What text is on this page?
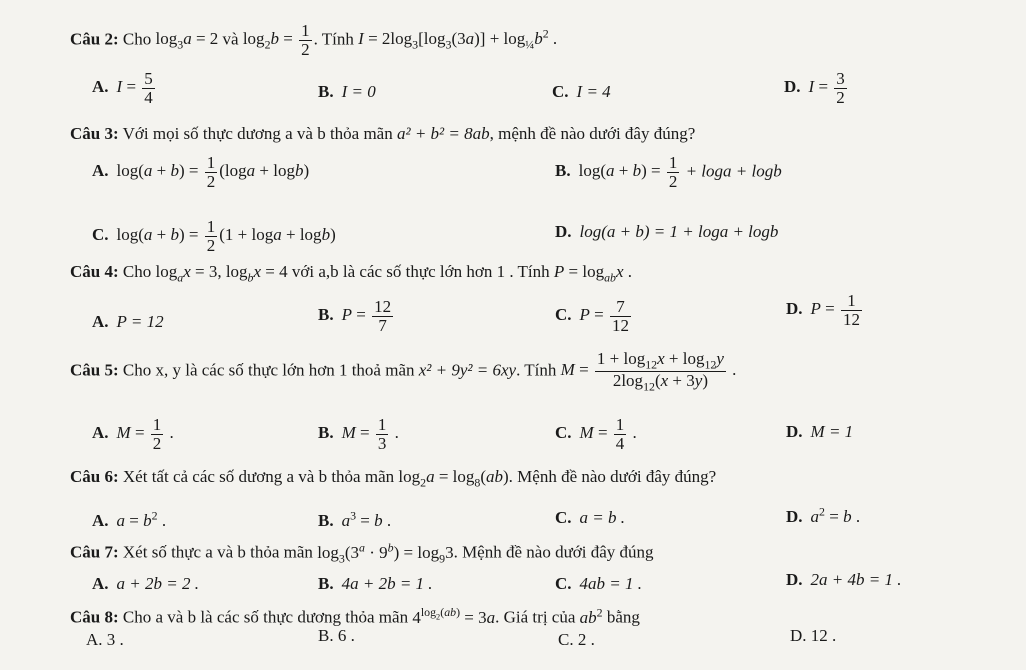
Câu 2: Cho $\log_3a = 2$ và $\log_2b = \frac{1}{2}$ . Tính $I = 2\log_3[\log_3(3a)] + \log_{\frac{1}{4}}b^2$ .
A. $I = \frac{5}{4}$	B. I = 0	C. I = 4	D. $I = \frac{3}{2}$
Câu 3: Với mọi số thực dương a và b thỏa mãn a² + b² = 8ab, mệnh đề nào dưới đây đúng?
A. $\log(a + b) = \frac{1}{2} (\log a + \log b)$	B. $\log(a + b) = \frac{1}{2} + \log a + \log b$
C. $\log(a + b) = \frac{1}{2} (1 + \log a + \log b)$	D. log(a + b) = 1 + loga + logb
Câu 4: Cho $\log_ax = 3$, $\log_bx = 4$ với a,b là các số thực lớn hơn 1 . Tính $P = \log_{ab}x$ .
A. P = 12	B. $P = \frac{12}{7}$	C. $P = \frac{7}{12}$	D. $P = \frac{1}{12}$
Câu 5: Cho x, y là các số thực lớn hơn 1 thoả mãn x² + 9y² = 6xy. Tính $M = \frac{1 + \log_{12}x + \log_{12}y}{2\log_{12}(x + 3y)}$ .
A. $M = \frac{1}{2}$ .	B. $M = \frac{1}{3}$ .	C. $M = \frac{1}{4}$ .	D. M = 1
Câu 6: Xét tất cả các số dương a và b thỏa mãn $\log_2a = \log_8(ab)$. Mệnh đề nào dưới đây đúng?
A. $a = b^2$ .	B. $a^3 = b$ .	C. a = b .	D. $a^2 = b$ .
Câu 7: Xét số thực a và b thỏa mãn $\log_3(3^a \cdot 9^b) = \log_93$. Mệnh đề nào dưới đây đúng
A. a + 2b = 2 .	B. 4a + 2b = 1 .	C. 4ab = 1 .	D. 2a + 4b = 1 .
Câu 8: Cho a và b là các số thực dương thỏa mãn $4^{log_2(ab)} = 3a$. Giá trị của $ab^2$ bằng
A. 3 .	B. 6 .	C. 2 .	D. 12 .
